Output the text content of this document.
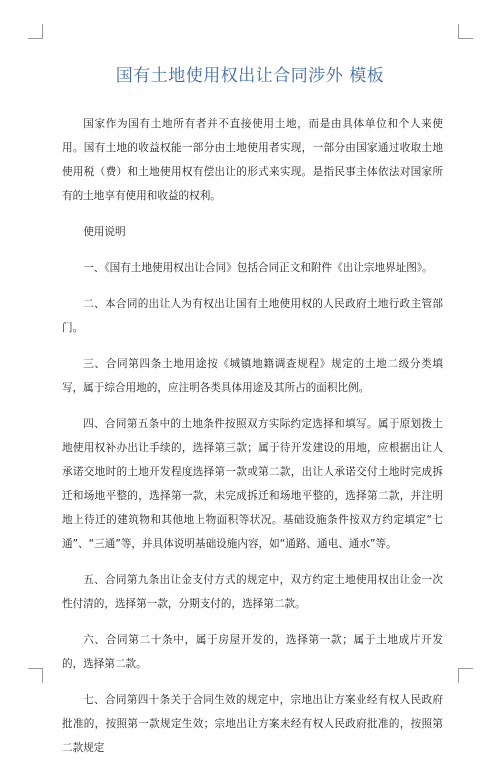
国有土地使用权出让合同涉外 模板

国家作为国有土地所有者并不直接使用土地，而是由具体单位和个人来使用。国有土地的收益权能一部分由土地使用者实现，一部分由国家通过收取土地使用税（费）和土地使用权有偿出让的形式来实现。是指民事主体依法对国家所有的土地享有使用和收益的权利。

使用说明

一、《国有土地使用权出让合同》包括合同正文和附件《出让宗地界址图》。

二、本合同的出让人为有权出让国有土地使用权的人民政府土地行政主管部门。

三、合同第四条土地用途按《城镇地籍调查规程》规定的土地二级分类填写，属于综合用地的，应注明各类具体用途及其所占的面积比例。

四、合同第五条中的土地条件按照双方实际约定选择和填写。属于原划拨土地使用权补办出让手续的，选择第三款；属于待开发建设的用地，应根据出让人承诺交地时的土地开发程度选择第一款或第二款，出让人承诺交付土地时完成拆迁和场地平整的，选择第一款，未完成拆迁和场地平整的，选择第二款，并注明地上待迁的建筑物和其他地上物面积等状况。基础设施条件按双方约定填定“七通”、“三通”等，并具体说明基础设施内容，如“通路、通电、通水”等。

五、合同第九条出让金支付方式的规定中，双方约定土地使用权出让金一次性付清的，选择第一款，分期支付的，选择第二款。

六、合同第二十条中，属于房屋开发的，选择第一款；属于土地成片开发的，选择第二款。

七、合同第四十条关于合同生效的规定中，宗地出让方案业经有权人民政府批准的，按照第一款规定生效；宗地出让方案未经有权人民政府批准的，按照第二款规定
